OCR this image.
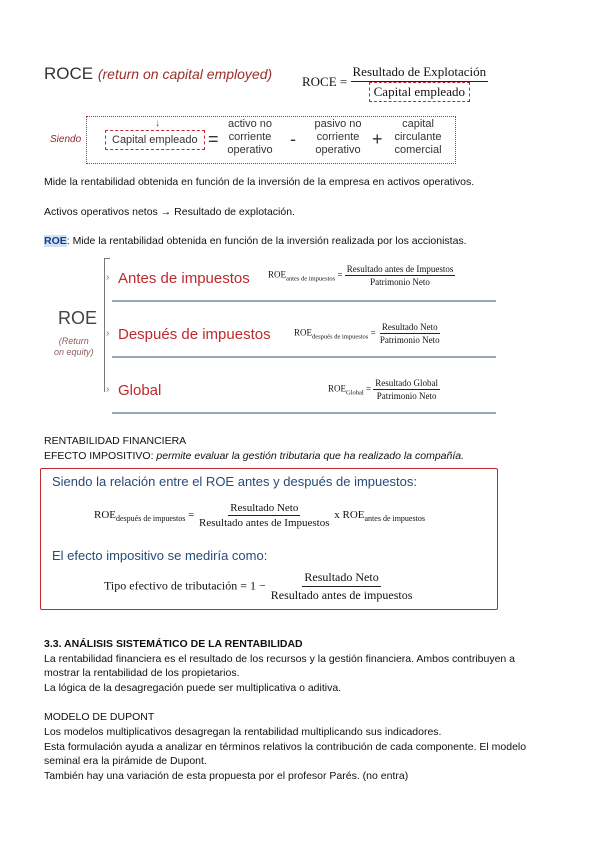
ROCE (return on capital employed) ROCE = $\frac{\text{Resultado de Explotación}}{\text{Capital empleado}}$
Siendo
↓
Capital empleado =
activo no
corriente
operativo
-
pasivo no
corriente
operativo
+
capital
circulante
comercial
Mide la rentabilidad obtenida en función de la inversión de la empresa en activos operativos.
Activos operativos netos → Resultado de explotación.
ROE: Mide la rentabilidad obtenida en función de la inversión realizada por los accionistas.
ROE
(Return
on equity)
›
›
›
Antes de impuestos $ROE_{antes de impuestos} = \frac{\text{Resultado antes de Impuestos}}{\text{Patrimonio Neto}}$
Después de impuestos	$ROE_{después de impuestos} = \frac{\text{Resultado Neto}}{\text{Patrimonio Neto}}$
Global	$ROE_{Global} = \frac{\text{Resultado Global}}{\text{Patrimonio Neto}}$
RENTABILIDAD FINANCIERA
EFECTO IMPOSITIVO: permite evaluar la gestión tributaria que ha realizado la compañía.
Siendo la relación entre el ROE antes y después de impuestos:
$ROE_{después de impuestos} = \frac{\text{Resultado Neto}}{\text{Resultado antes de Impuestos}}$ x $ROE_{antes de impuestos}$
El efecto impositivo se mediría como:
Tipo efectivo de tributación = $1 - \frac{\text{Resultado Neto}}{\text{Resultado antes de impuestos}}$
3.3. ANÁLISIS SISTEMÁTICO DE LA RENTABILIDAD
La rentabilidad financiera es el resultado de los recursos y la gestión financiera. Ambos contribuyen a
mostrar la rentabilidad de los propietarios.
La lógica de la desagregación puede ser multiplicativa o aditiva.
MODELO DE DUPONT
Los modelos multiplicativos desagregan la rentabilidad multiplicando sus indicadores.
Esta formulación ayuda a analizar en términos relativos la contribución de cada componente. El modelo
seminal era la pirámide de Dupont.
También hay una variación de esta propuesta por el profesor Parés. (no entra)
